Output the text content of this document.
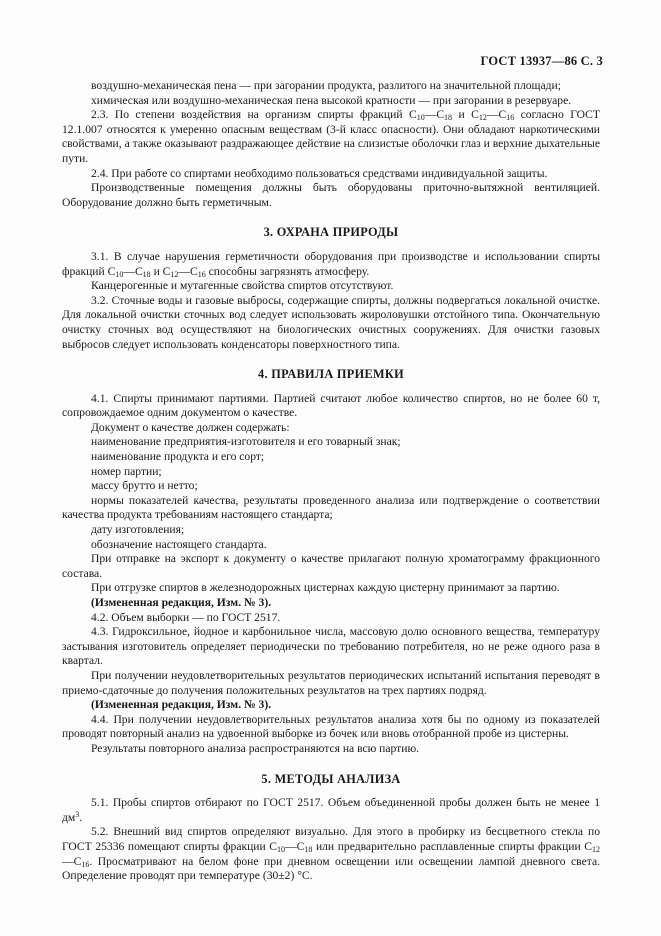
ГОСТ 13937—86 С. 3

воздушно-механическая пена — при загорании продукта, разлитого на значительной площади;

химическая или воздушно-механическая пена высокой кратности — при загорании в резервуаре.

2.3. По степени воздействия на организм спирты фракций $C_{10}—C_{18}$ и $C_{12}—C_{16}$ согласно ГОСТ 12.1.007 относятся к умеренно опасным веществам (3-й класс опасности). Они обладают наркотическими свойствами, а также оказывают раздражающее действие на слизистые оболочки глаз и верхние дыхательные пути.

2.4. При работе со спиртами необходимо пользоваться средствами индивидуальной защиты.

Производственные помещения должны быть оборудованы приточно-вытяжной вентиляцией. Оборудование должно быть герметичным.

3. ОХРАНА ПРИРОДЫ

3.1. В случае нарушения герметичности оборудования при производстве и использовании спирты фракций $C_{10}—C_{18}$ и $C_{12}—C_{16}$ способны загрязнять атмосферу.

Канцерогенные и мутагенные свойства спиртов отсутствуют.

3.2. Сточные воды и газовые выбросы, содержащие спирты, должны подвергаться локальной очистке. Для локальной очистки сточных вод следует использовать жироловушки отстойного типа. Окончательную очистку сточных вод осуществляют на биологических очистных сооружениях. Для очистки газовых выбросов следует использовать конденсаторы поверхностного типа.

4. ПРАВИЛА ПРИЕМКИ

4.1. Спирты принимают партиями. Партией считают любое количество спиртов, но не более 60 т, сопровождаемое одним документом о качестве.

Документ о качестве должен содержать:

наименование предприятия-изготовителя и его товарный знак;

наименование продукта и его сорт;

номер партии;

массу брутто и нетто;

нормы показателей качества, результаты проведенного анализа или подтверждение о соответствии качества продукта требованиям настоящего стандарта;

дату изготовления;

обозначение настоящего стандарта.

При отправке на экспорт к документу о качестве прилагают полную хроматограмму фракционного состава.

При отгрузке спиртов в железнодорожных цистернах каждую цистерну принимают за партию.

(Измененная редакция, Изм. № 3).

4.2. Объем выборки — по ГОСТ 2517.

4.3. Гидроксильное, йодное и карбонильное числа, массовую долю основного вещества, температуру застывания изготовитель определяет периодически по требованию потребителя, но не реже одного раза в квартал.

При получении неудовлетворительных результатов периодических испытаний испытания переводят в приемо-сдаточные до получения положительных результатов на трех партиях подряд.

(Измененная редакция, Изм. № 3).

4.4. При получении неудовлетворительных результатов анализа хотя бы по одному из показателей проводят повторный анализ на удвоенной выборке из бочек или вновь отобранной пробе из цистерны.

Результаты повторного анализа распространяются на всю партию.

5. МЕТОДЫ АНАЛИЗА

5.1. Пробы спиртов отбирают по ГОСТ 2517. Объем объединенной пробы должен быть не менее 1 $дм^3$.

5.2. Внешний вид спиртов определяют визуально. Для этого в пробирку из бесцветного стекла по ГОСТ 25336 помещают спирты фракции $C_{10}—C_{18}$ или предварительно расплавленные спирты фракции $C_{12}—C_{16}$. Просматривают на белом фоне при дневном освещении или освещении лампой дневного света. Определение проводят при температуре (30±2) °C.
